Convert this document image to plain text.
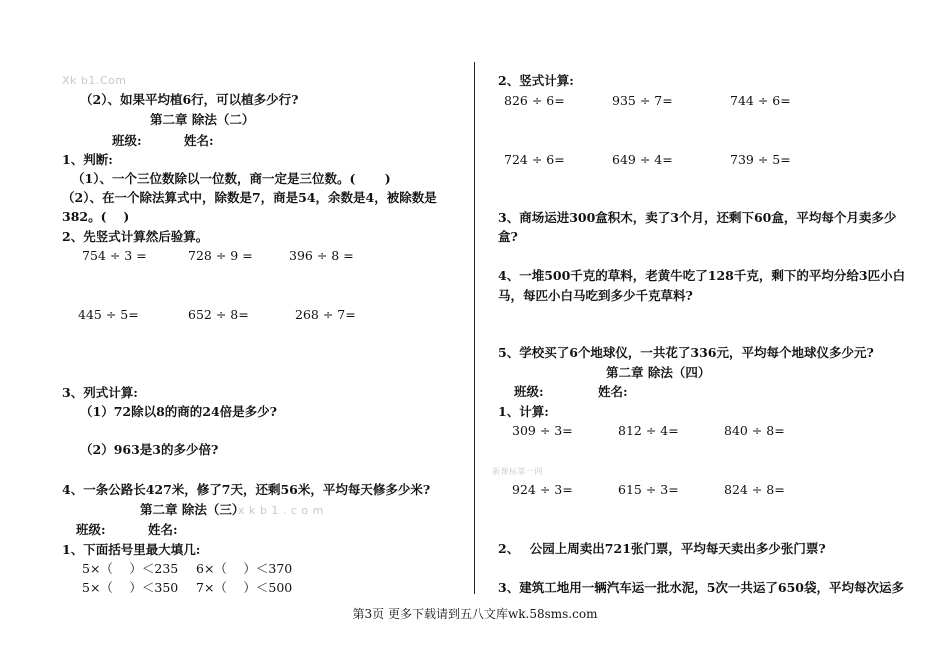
Xk b1.Com
x k b 1 . c o m
新课标第一网
（2）、如果平均植6行，可以植多少行?
第二章 除法（二）
班级:	姓名:
1、判断:
（1）、一个三位数除以一位数，商一定是三位数。(　　 )
（2）、在一个除法算式中，除数是7，商是54，余数是4，被除数是
382。(　 )
2、先竖式计算然后验算。
754 ÷ 3 =	728 ÷ 9 =	396 ÷ 8 =
445 ÷ 5=	652 ÷ 8=	268 ÷ 7=
3、列式计算:
（1）72除以8的商的24倍是多少?
（2）963是3的多少倍?
4、一条公路长427米，修了7天，还剩56米，平均每天修多少米?
第二章 除法（三）
班级:	姓名:
1、下面括号里最大填几:
5×（　 ）＜235 6×（　 ）＜370
5×（　 ）＜350 7×（　 ）＜500
2、竖式计算:
826 ÷ 6=	935 ÷ 7=	744 ÷ 6=
724 ÷ 6=	649 ÷ 4=	739 ÷ 5=
3、商场运进300盒积木，卖了3个月，还剩下60盒，平均每个月卖多少
盒?
4、一堆500千克的草料，老黄牛吃了128千克，剩下的平均分给3匹小白
马，每匹小白马吃到多少千克草料?
5、学校买了6个地球仪，一共花了336元，平均每个地球仪多少元?
第二章 除法（四）
班级:	姓名:
1、计算:
309 ÷ 3=	812 ÷ 4=	840 ÷ 8=
924 ÷ 3=	615 ÷ 3=	824 ÷ 8=
2、　 公园上周卖出721张门票，平均每天卖出多少张门票?
3、建筑工地用一辆汽车运一批水泥，5次一共运了650袋，平均每次运多
第3页 更多下载请到五八文库wk.58sms.com
